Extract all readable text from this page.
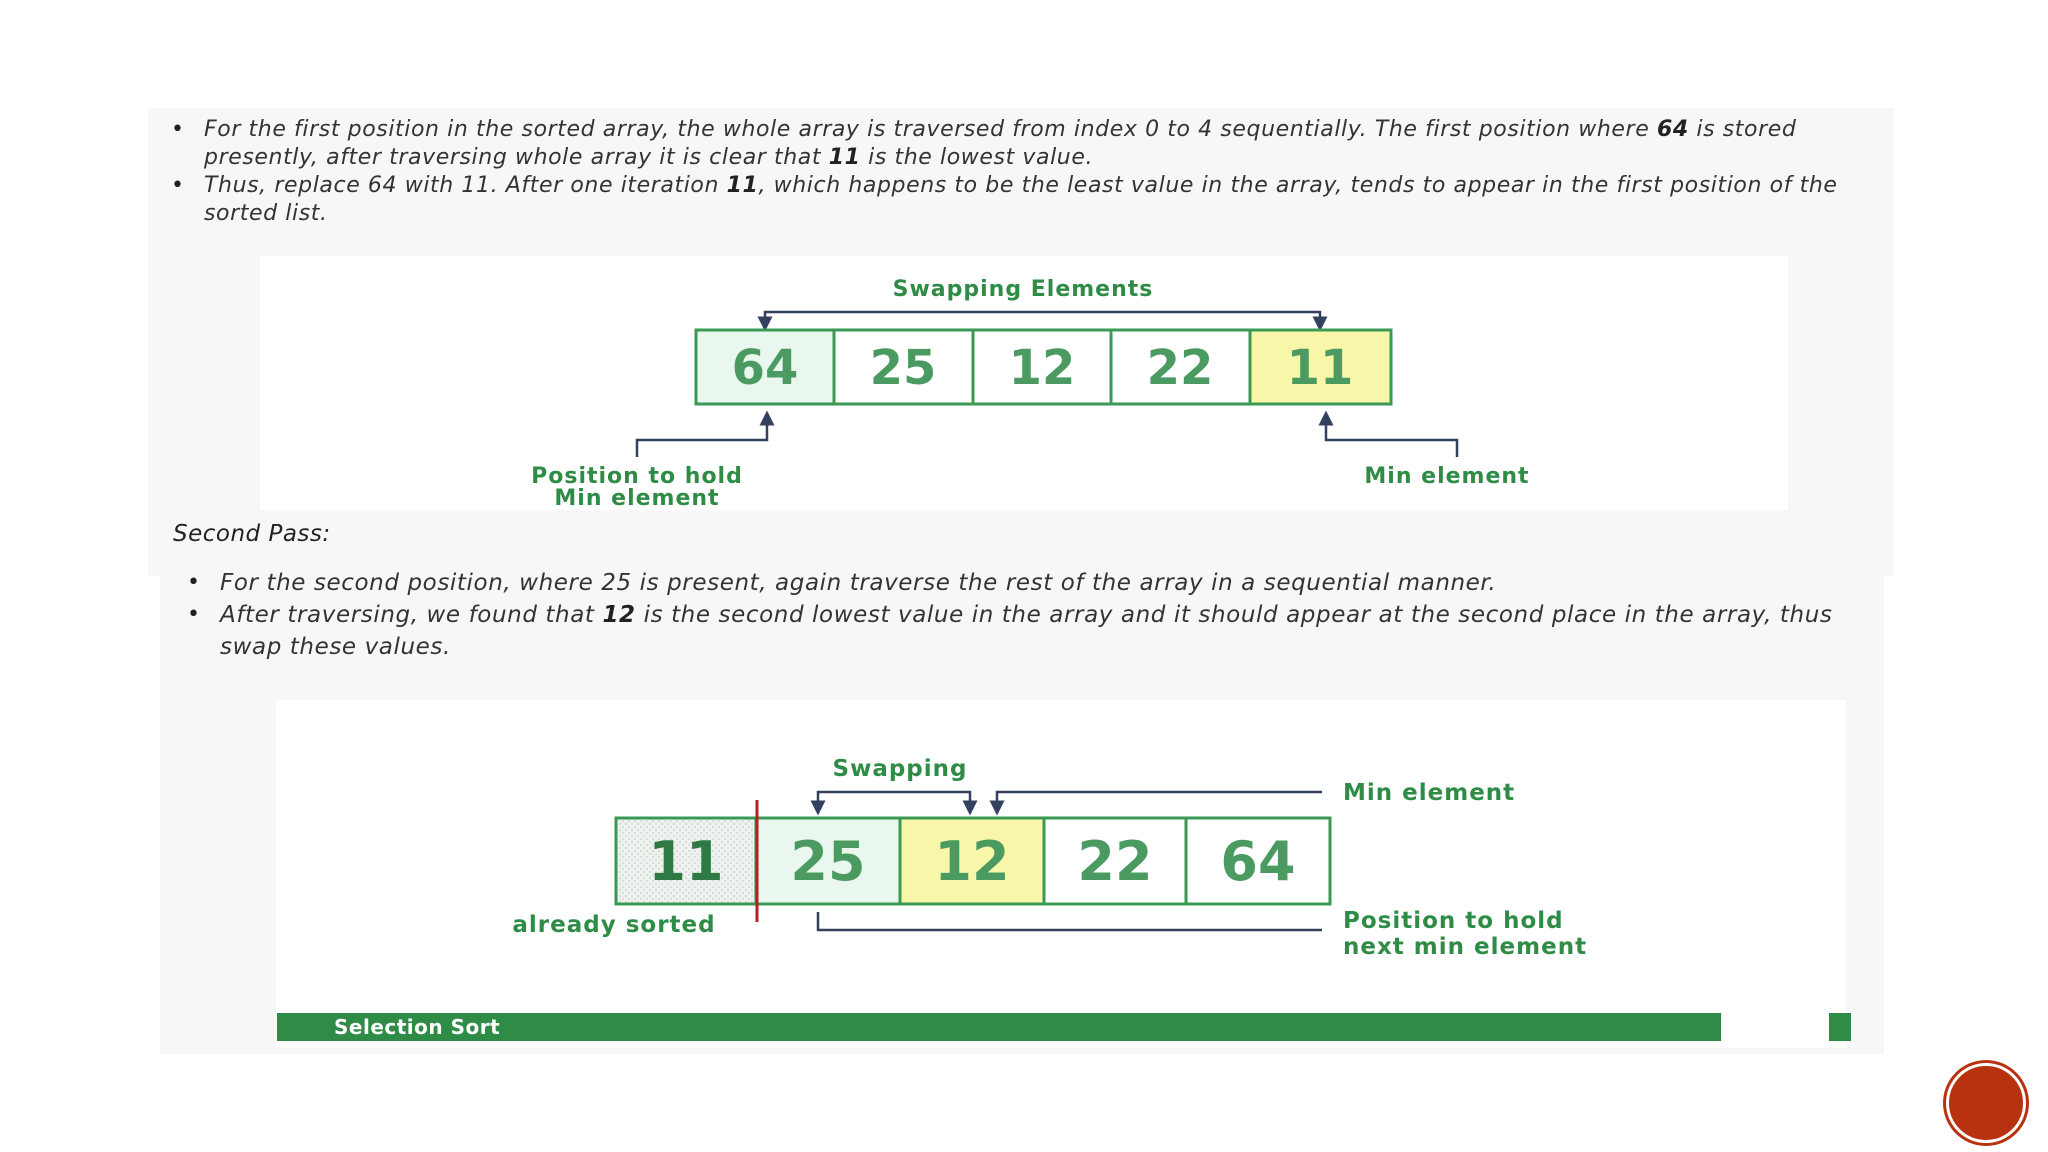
• For the first position in the sorted array, the whole array is traversed from index 0 to 4 sequentially. The first position where 64 is stored presently, after traversing whole array it is clear that 11 is the lowest value.
• Thus, replace 64 with 11. After one iteration 11, which happens to be the least value in the array, tends to appear in the first position of the sorted list.
Second Pass:
• For the second position, where 25 is present, again traverse the rest of the array in a sequential manner.
• After traversing, we found that 12 is the second lowest value in the array and it should appear at the second place in the array, thus swap these values.
Swapping Elements
64 25 12 22 11
Position to hold
Min element
Min element
Swapping
Min element
11 25 12 22 64
already sorted	Position to hold
next min element
Selection Sort
